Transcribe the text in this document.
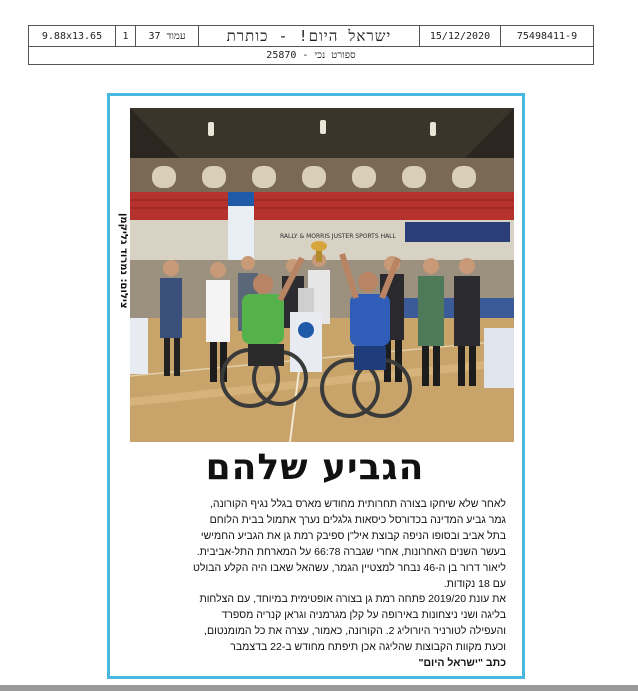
9.88x13.65	1	עמוד 37	ישראל היום! - כותרת	15/12/2020	75498411-9
ספורט נכי - 25870
צילום: נמרוד גליקמן	RALLY & MORRIS JUSTER SPORTS HALL
הגביע שלהם

לאחר שלא שיחקו בצורה תחרותית מחודש מארס בגלל נגיף הקורונה,

גמר גביע המדינה בכדורסל כיסאות גלגלים נערך אתמול בבית הלוחם

בתל אביב ובסופו הניפה קבוצת איל"ן ספיבק רמת גן את הגביע החמישי

בעשר השנים האחרונות, אחרי שגברה 66:78 על המארחת התל-אביבית.

ליאור דרור בן ה-46 נבחר למצטיין הגמר, עשהאל שאבו היה הקלע הבולט

עם 18 נקודות.

את עונת 2019/20 פתחה רמת גן בצורה אופטימית במיוחד, עם הצלחות

בליגה ושני ניצחונות באירופה על קלן מגרמניה וגראן קנריה מספרד

והעפילה לטורניר היורוליג 2. הקורונה, כאמור, עצרה את כל המומנטום,

וכעת מקוות הקבוצות שהליגה אכן תיפתח מחודש ב-22 בדצמבר

כתב "ישראל היום"
